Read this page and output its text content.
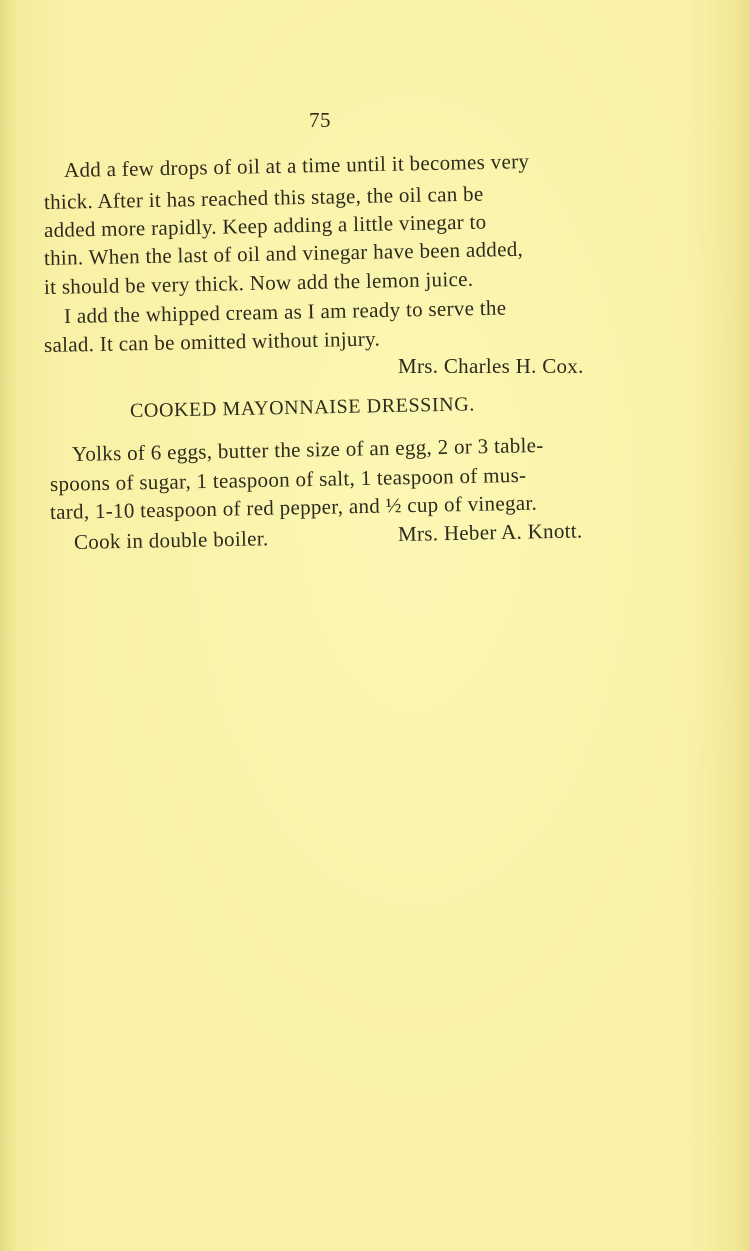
75
Add a few drops of oil at a time until it becomes very
thick. After it has reached this stage, the oil can be
added more rapidly. Keep adding a little vinegar to
thin. When the last of oil and vinegar have been added,
it should be very thick. Now add the lemon juice.
I add the whipped cream as I am ready to serve the
salad. It can be omitted without injury.
Mrs. Charles H. Cox.
COOKED MAYONNAISE DRESSING.
Yolks of 6 eggs, butter the size of an egg, 2 or 3 table-
spoons of sugar, 1 teaspoon of salt, 1 teaspoon of mus-
tard, 1-10 teaspoon of red pepper, and ½ cup of vinegar.
Cook in double boiler.	Mrs. Heber A. Knott.
